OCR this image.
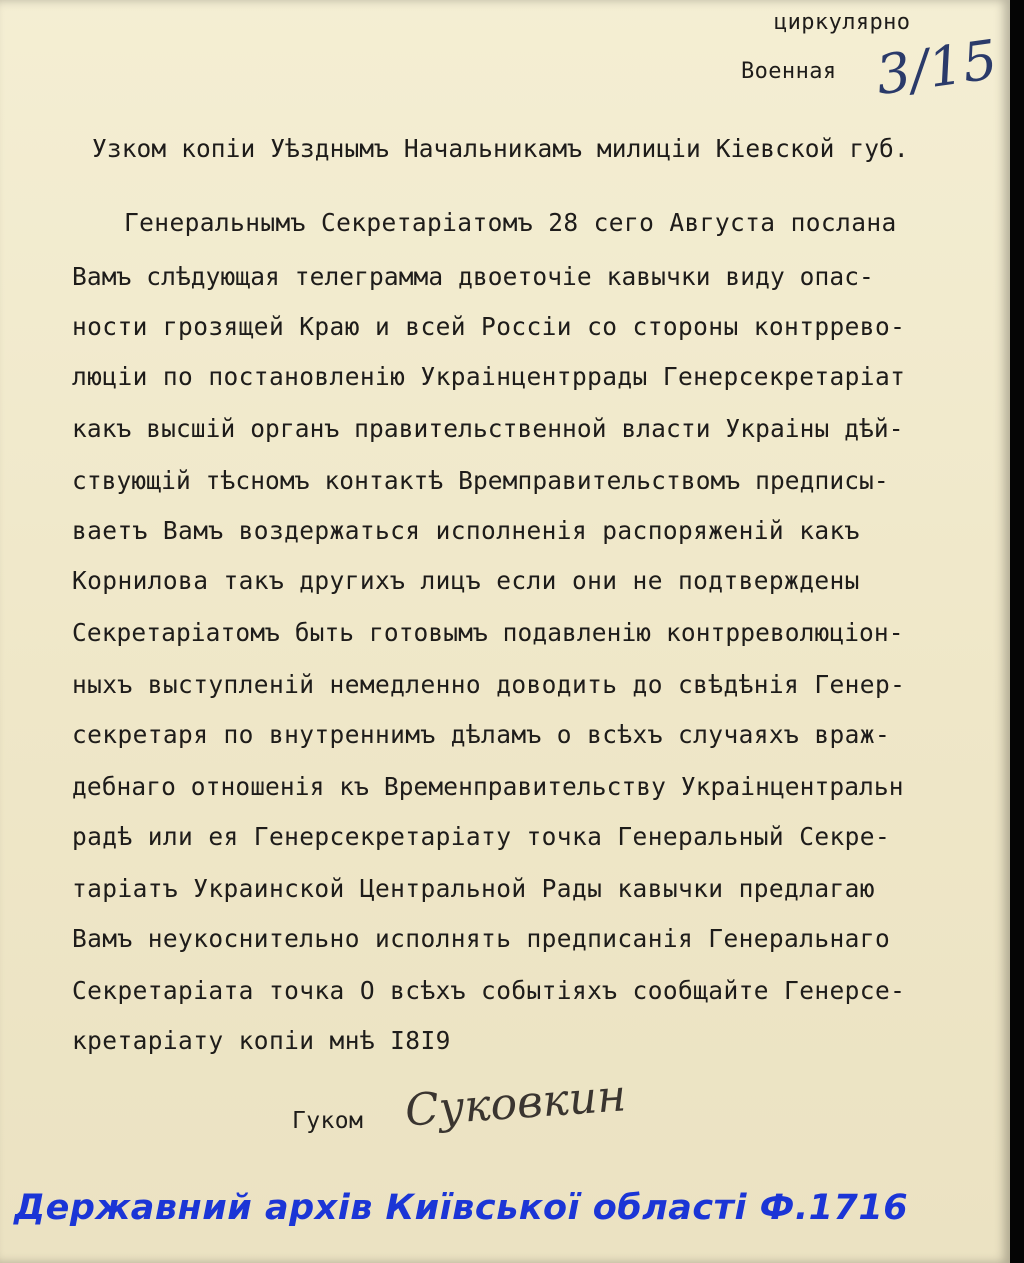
циркулярно
Военная 3/15
Узком копiи Уѣзднымъ Начальникамъ милицiи Кiевской губ.
Генеральнымъ Секретарiатомъ 28 сего Августа послана
Вамъ слѣдующая телеграмма двоеточiе кавычки виду опас-
ности грозящей Краю и всей Россiи со стороны контррево-
люцiи по постановленiю Украiнцентррады Генерсекретарiат
какъ высшiй органъ правительственной власти Украiны дѣй-
ствующiй тѣсномъ контактѣ Времправительствомъ предписы-
ваетъ Вамъ воздержаться исполненiя распоряженiй какъ
Корнилова такъ другихъ лицъ если они не подтверждены
Секретарiатомъ быть готовымъ подавленiю контрреволюцiон-
ныхъ выступленiй немедленно доводить до свѣдѣнiя Генер-
секретаря по внутреннимъ дѣламъ о всѣхъ случаяхъ враж-
дебнаго отношенiя къ Временправительству Украiнцентральн
радѣ или ея Генерсекретарiату точка Генеральный Секре-
тарiатъ Украинской Центральной Рады кавычки предлагаю
Вамъ неукоснительно исполнять предписанiя Генеральнаго
Секретарiата точка О всѣхъ событiяхъ сообщайте Генерсе-
кретарiату копiи мнѣ I8I9
Гуком Суковкин
Державний архів Київської області Ф.1716
